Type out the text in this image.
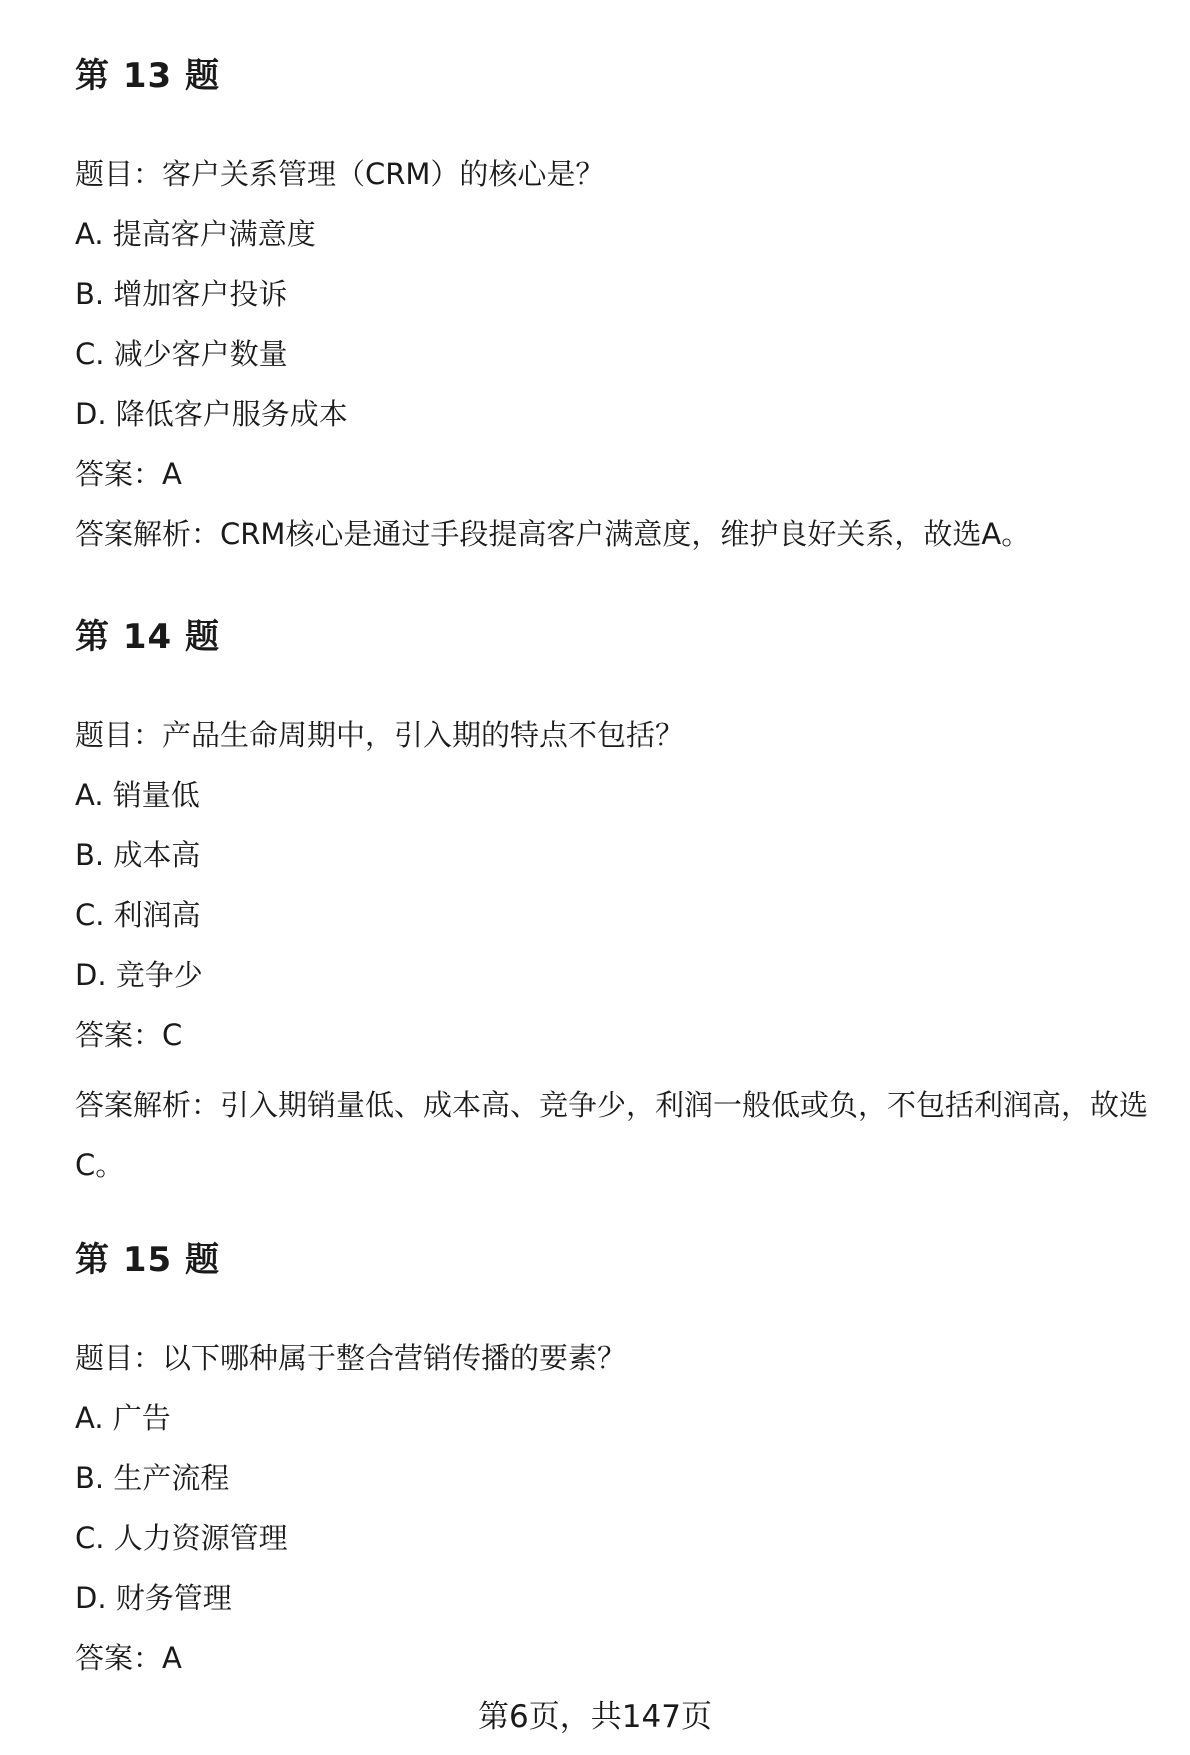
第 13 题

题目：客户关系管理（CRM）的核心是？

A. 提高客户满意度

B. 增加客户投诉

C. 减少客户数量

D. 降低客户服务成本

答案：A

答案解析：CRM核心是通过手段提高客户满意度，维护良好关系，故选A。

第 14 题

题目：产品生命周期中，引入期的特点不包括？

A. 销量低

B. 成本高

C. 利润高

D. 竞争少

答案：C

答案解析：引入期销量低、成本高、竞争少，利润一般低或负，不包括利润高，故选C。

第 15 题

题目：以下哪种属于整合营销传播的要素？

A. 广告

B. 生产流程

C. 人力资源管理

D. 财务管理

答案：A

第6页，共147页
